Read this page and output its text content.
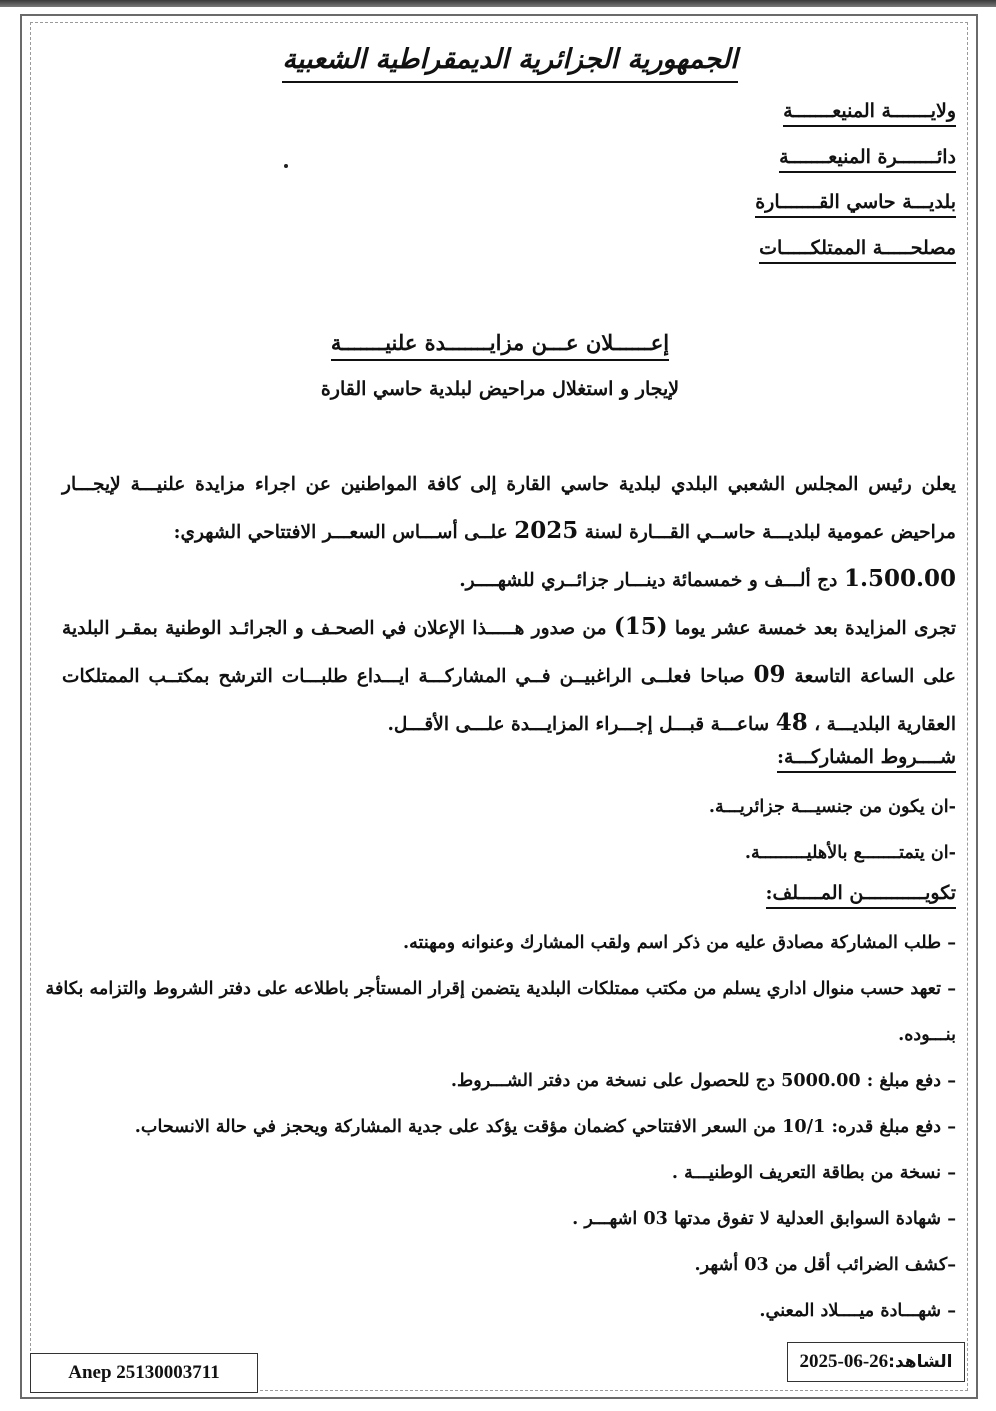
الجمهورية الجزائرية الديمقراطية الشعبية
ولايـــــــة المنيعـــــــة
دائـــــــرة المنيعـــــــة
بلديـــة حاسي القـــــــارة
مصلحـــــة الممتلكـــــات
إعــــــلان عـــن مزايـــــــدة علنيـــــــة
لإيجار و استغلال مراحيض لبلدية حاسي القارة
يعلن رئيس المجلس الشعبي البلدي لبلدية حاسي القارة إلى كافة المواطنين عن اجراء مزايدة علنيـــة لإيجـــار مراحيض عمومية لبلديـــة حاســي القـــارة لسنة 2025 علــى أســـاس السعـــر الافتتاحي الشهري:
1.500.00 دج ألـــف و خمسمائة دينـــار جزائــري للشهــــر.
تجرى المزايدة بعد خمسة عشر يوما (15) من صدور هـــــذا الإعلان في الصحـف و الجرائـد الوطنية بمقـر البلدية على الساعة التاسعة 09 صباحا فعلــى الراغبيــن فــي المشاركـــة ايـــداع طلبـــات الترشح بمكتــب الممتلكات العقارية البلديـــة ، 48 ساعـــة قبـــل إجـــراء المزايـــدة علـــى الأقـــل.
شــــروط المشاركـــة:
-ان يكون من جنسيـــة جزائريـــة.
-ان يتمتـــــــع بالأهليـــــــــة.
تكويـــــــــــن المــــلف:
– طلب المشاركة مصادق عليه من ذكر اسم ولقب المشارك وعنوانه ومهنته.
– تعهد حسب منوال اداري يسلم من مكتب ممتلكات البلدية يتضمن إقرار المستأجر باطلاعه على دفتر الشروط والتزامه بكافة بنـــوده.
– دفع مبلغ : 5000.00 دج للحصول على نسخة من دفتر الشـــروط.
– دفع مبلغ قدره: 10/1 من السعر الافتتاحي كضمان مؤقت يؤكد على جدية المشاركة ويحجز في حالة الانسحاب.
– نسخة من بطاقة التعريف الوطنيـــة .
– شهادة السوابق العدلية لا تفوق مدتها 03 اشهـــر .
–كشف الضرائب أقل من 03 أشهر.
– شهـــادة ميــــلاد المعني.
الشاهد:
2025-06-26
Anep 25130003711
